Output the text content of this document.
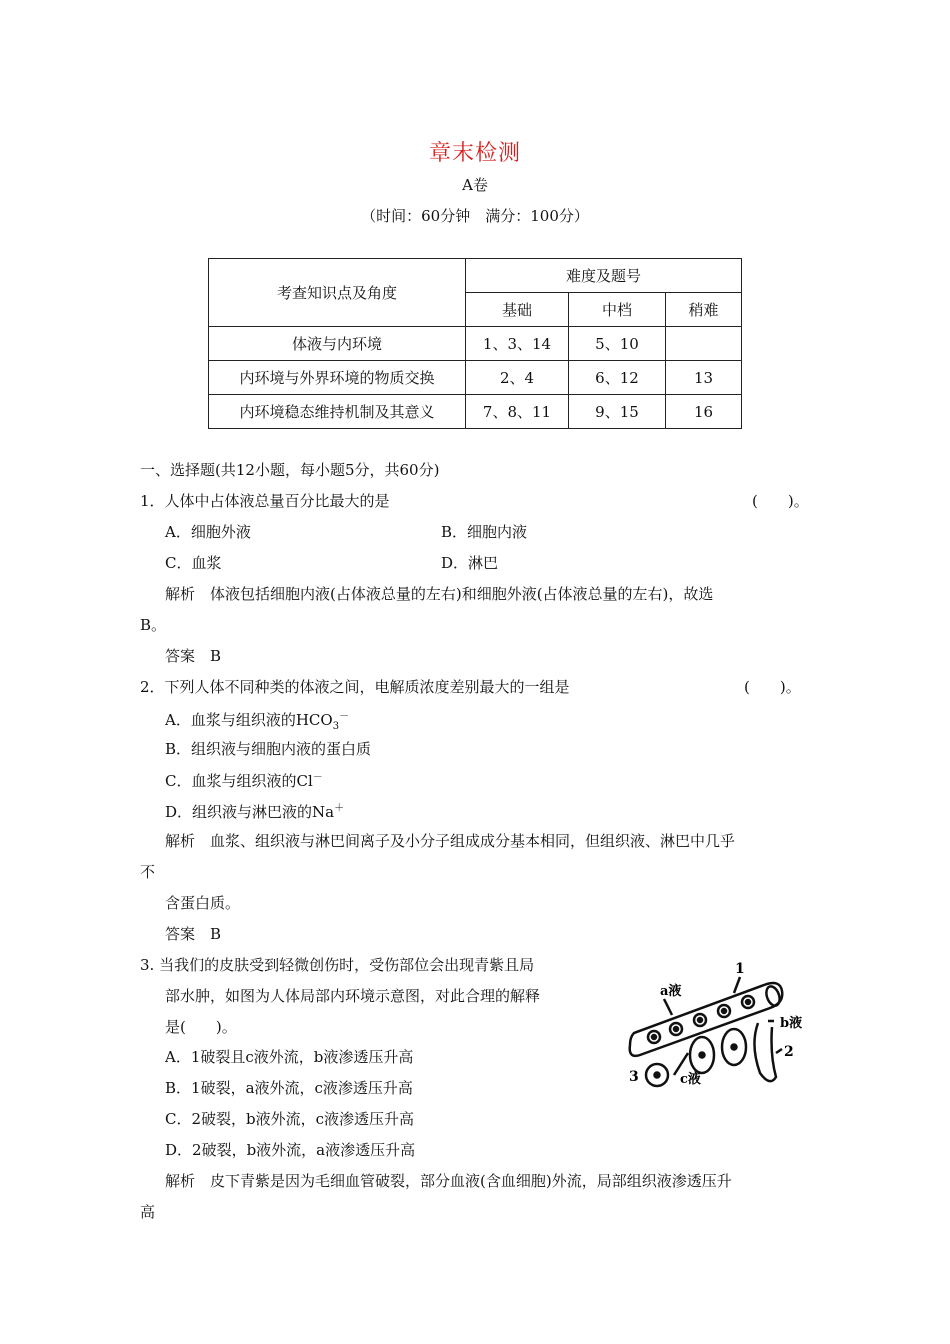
章末检测
A卷
（时间：60分钟　满分：100分）
考查知识点及角度	难度及题号		
	基础	中档	稍难
体液与内环境	1、3、14	5、10	
内环境与外界环境的物质交换	2、4	6、12	13
内环境稳态维持机制及其意义	7、8、11	9、15	16
一、选择题(共12小题，每小题5分，共60分)
1．人体中占体液总量百分比最大的是	(　　)。
A．细胞外液	B．细胞内液
C．血浆	D．淋巴
解析　体液包括细胞内液(占体液总量的左右)和细胞外液(占体液总量的左右)，故选
B。
答案　B
2．下列人体不同种类的体液之间，电解质浓度差别最大的一组是	(　　)。
A．血浆与组织液的$HCO_3^-$
B．组织液与细胞内液的蛋白质
C．血浆与组织液的Cl－
D．组织液与淋巴液的Na＋
解析　血浆、组织液与淋巴间离子及小分子组成成分基本相同，但组织液、淋巴中几乎
不
含蛋白质。
答案　B
3. 当我们的皮肤受到轻微创伤时，受伤部位会出现青紫且局
部水肿，如图为人体局部内环境示意图，对此合理的解释
是(　　)。
A．1破裂且c液外流，b液渗透压升高
B．1破裂，a液外流，c液渗透压升高
C．2破裂，b液外流，c液渗透压升高
D．2破裂，b液外流，a液渗透压升高
解析　皮下青紫是因为毛细血管破裂，部分血液(含血细胞)外流，局部组织液渗透压升
高
1
a液
b液
2
3	c液
